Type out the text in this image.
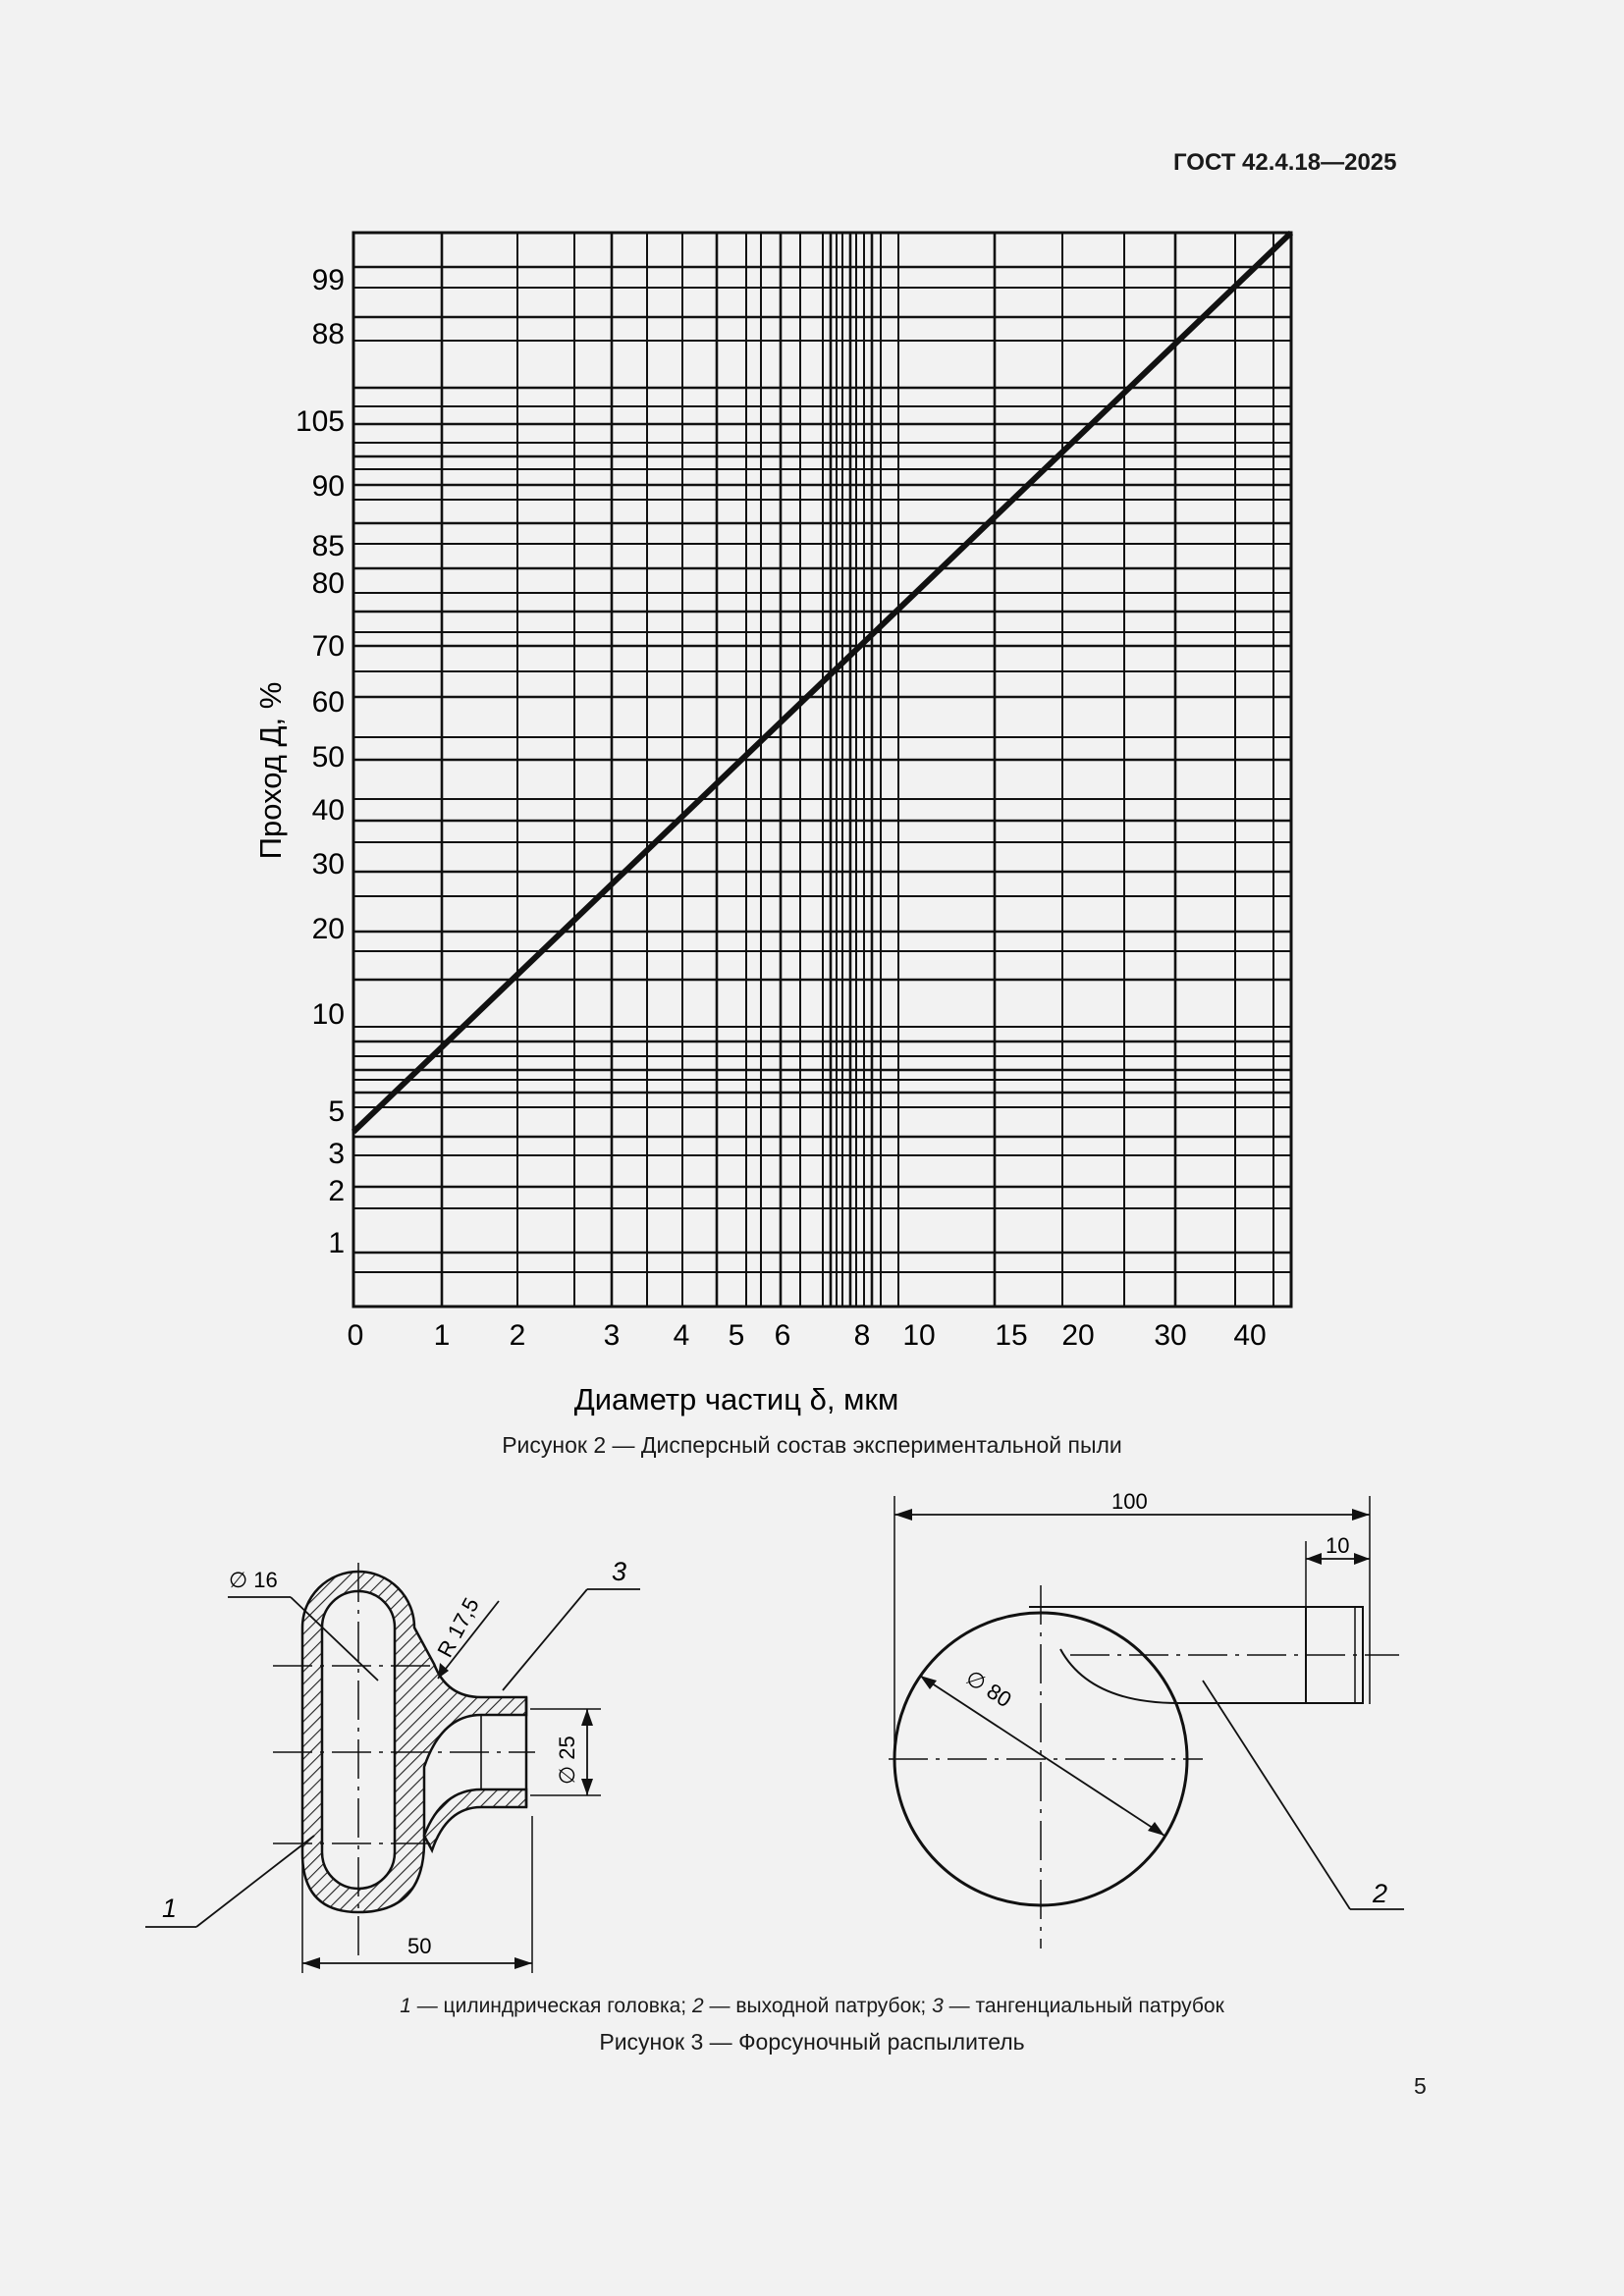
ГОСТ 42.4.18—2025
99
88
105
90
85
80
70
60
50
40
30
20
10
5
3
2
1
0 1 2	3 4 5 6 8 10 15 20 30 40
Проход Д, %
Диаметр частиц δ, мкм
Рисунок 2 — Дисперсный состав экспериментальной пыли
∅ 16
R 17,5
3
∅ 25
50
1
∅ 80
100
10
2
1 — цилиндрическая головка; 2 — выходной патрубок; 3 — тангенциальный патрубок
Рисунок 3 — Форсуночный распылитель
5
